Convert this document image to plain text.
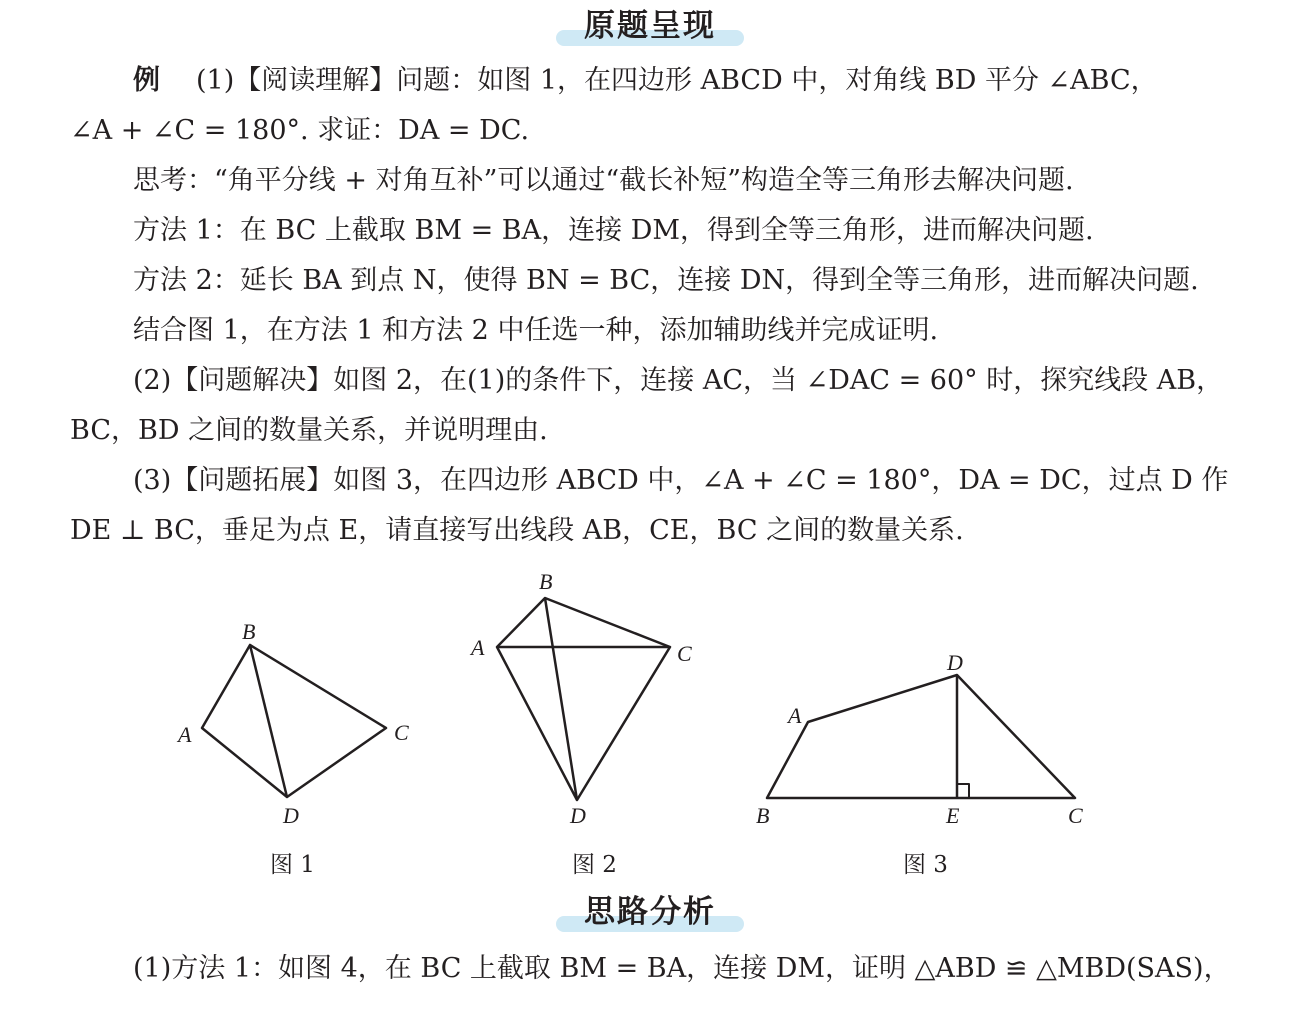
原题呈现
例 (1)【阅读理解】问题：如图 1，在四边形 ABCD 中，对角线 BD 平分 ∠ABC，
∠A + ∠C = 180°. 求证：DA = DC.
思考：“角平分线 + 对角互补”可以通过“截长补短”构造全等三角形去解决问题.
方法 1：在 BC 上截取 BM = BA，连接 DM，得到全等三角形，进而解决问题.
方法 2：延长 BA 到点 N，使得 BN = BC，连接 DN，得到全等三角形，进而解决问题.
结合图 1，在方法 1 和方法 2 中任选一种，添加辅助线并完成证明.
(2)【问题解决】如图 2，在(1)的条件下，连接 AC，当 ∠DAC = 60° 时，探究线段 AB，
BC，BD 之间的数量关系，并说明理由.
(3)【问题拓展】如图 3，在四边形 ABCD 中，∠A + ∠C = 180°，DA = DC，过点 D 作
DE ⊥ BC，垂足为点 E，请直接写出线段 AB，CE，BC 之间的数量关系.
B
A	C
D
B
A	C
D
D
A
B	E	C
图 1	图 2	图 3
思路分析
(1)方法 1：如图 4，在 BC 上截取 BM = BA，连接 DM，证明 △ABD ≌ △MBD(SAS)，
